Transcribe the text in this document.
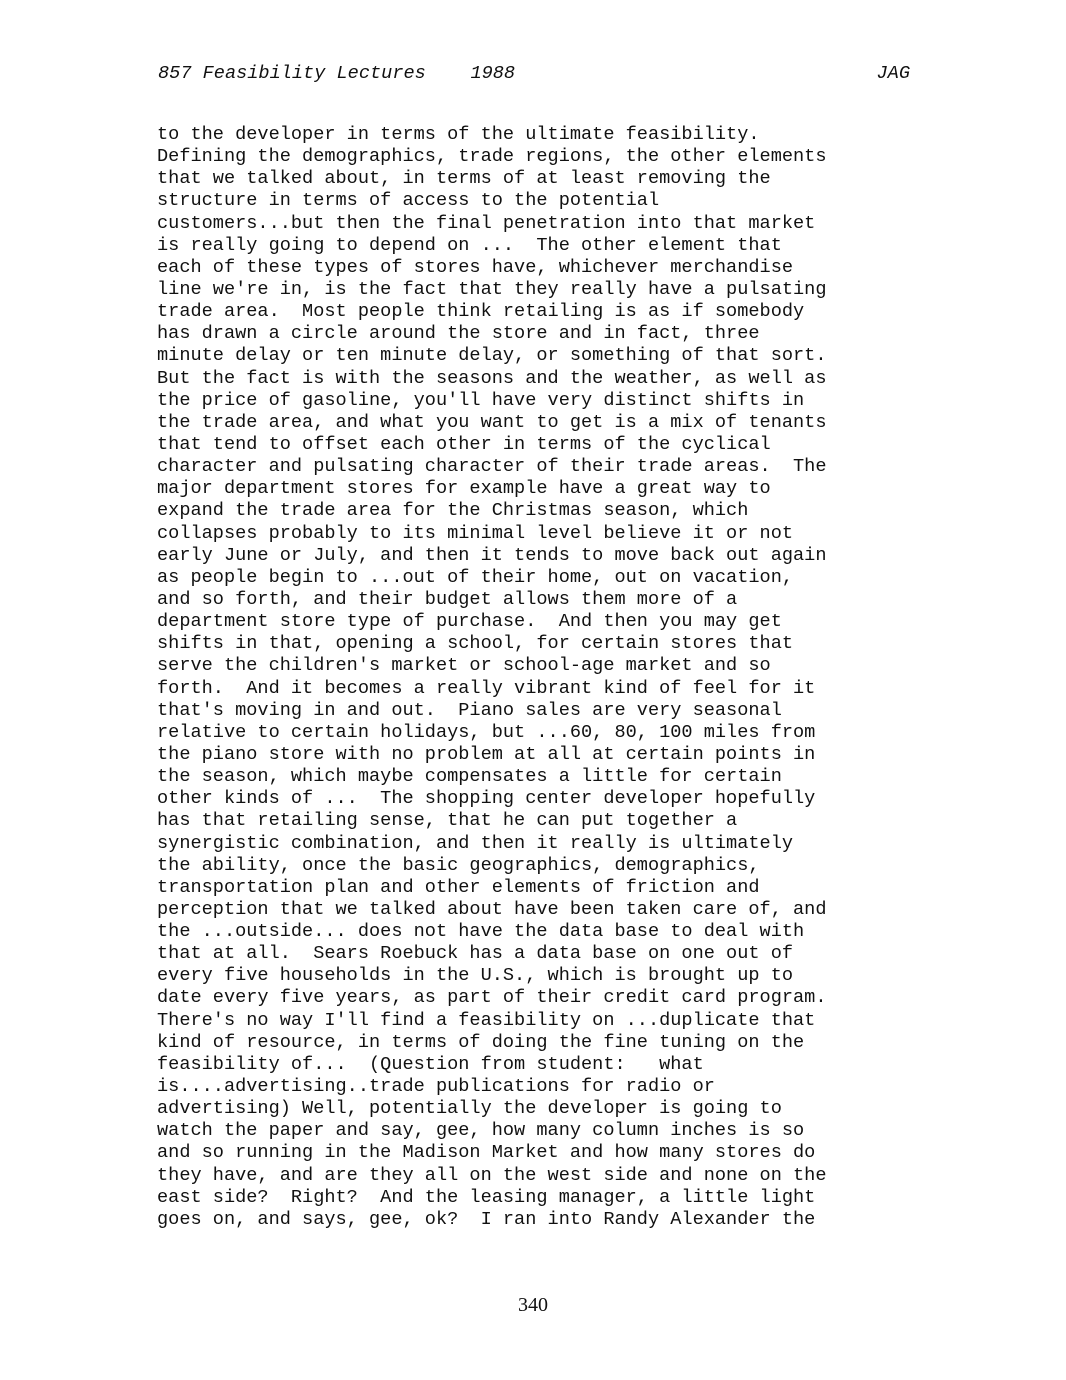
857 Feasibility Lectures 1988	JAG
to the developer in terms of the ultimate feasibility.
Defining the demographics, trade regions, the other elements
that we talked about, in terms of at least removing the
structure in terms of access to the potential
customers...but then the final penetration into that market
is really going to depend on ...  The other element that
each of these types of stores have, whichever merchandise
line we're in, is the fact that they really have a pulsating
trade area.  Most people think retailing is as if somebody
has drawn a circle around the store and in fact, three
minute delay or ten minute delay, or something of that sort.
But the fact is with the seasons and the weather, as well as
the price of gasoline, you'll have very distinct shifts in
the trade area, and what you want to get is a mix of tenants
that tend to offset each other in terms of the cyclical
character and pulsating character of their trade areas.  The
major department stores for example have a great way to
expand the trade area for the Christmas season, which
collapses probably to its minimal level believe it or not
early June or July, and then it tends to move back out again
as people begin to ...out of their home, out on vacation,
and so forth, and their budget allows them more of a
department store type of purchase.  And then you may get
shifts in that, opening a school, for certain stores that
serve the children's market or school-age market and so
forth.  And it becomes a really vibrant kind of feel for it
that's moving in and out.  Piano sales are very seasonal
relative to certain holidays, but ...60, 80, 100 miles from
the piano store with no problem at all at certain points in
the season, which maybe compensates a little for certain
other kinds of ...  The shopping center developer hopefully
has that retailing sense, that he can put together a
synergistic combination, and then it really is ultimately
the ability, once the basic geographics, demographics,
transportation plan and other elements of friction and
perception that we talked about have been taken care of, and
the ...outside... does not have the data base to deal with
that at all.  Sears Roebuck has a data base on one out of
every five households in the U.S., which is brought up to
date every five years, as part of their credit card program.
There's no way I'll find a feasibility on ...duplicate that
kind of resource, in terms of doing the fine tuning on the
feasibility of...  (Question from student:   what
is....advertising..trade publications for radio or
advertising) Well, potentially the developer is going to
watch the paper and say, gee, how many column inches is so
and so running in the Madison Market and how many stores do
they have, and are they all on the west side and none on the
east side?  Right?  And the leasing manager, a little light
goes on, and says, gee, ok?  I ran into Randy Alexander the
340
